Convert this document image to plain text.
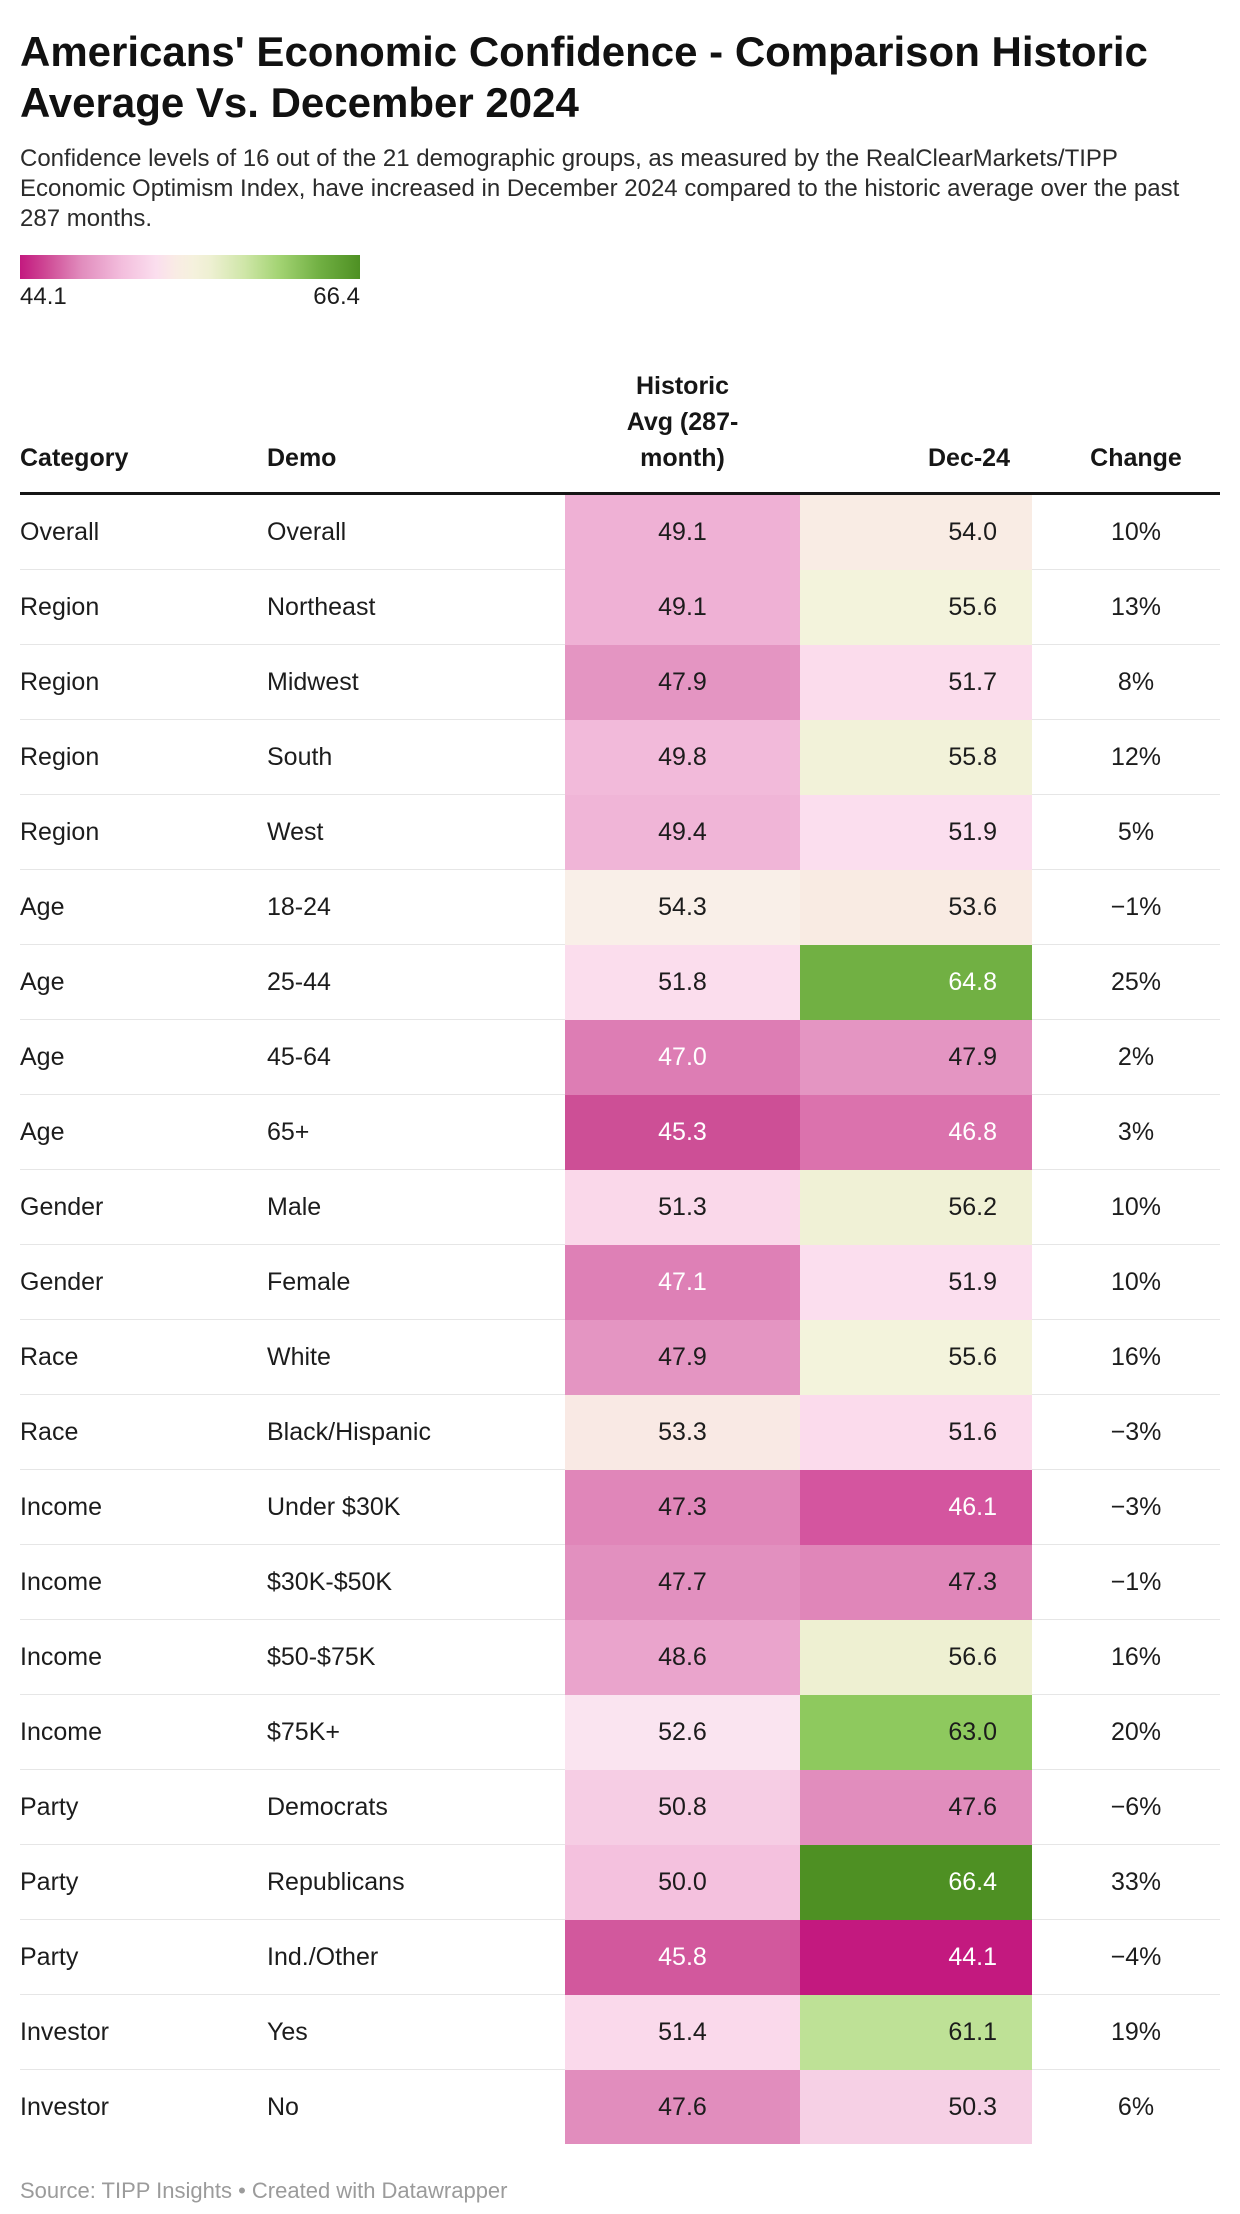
Americans' Economic Confidence - Comparison Historic Average Vs. December 2024

Confidence levels of 16 out of the 21 demographic groups, as measured by the RealClearMarkets/TIPP Economic Optimism Index, have increased in December 2024 compared to the historic average over the past 287 months.

44.1	66.4
Category	Demo	Historic Avg (287-month)	Dec-24	Change
Overall	Overall	49.1	54.0	10%
Region	Northeast	49.1	55.6	13%
Region	Midwest	47.9	51.7	8%
Region	South	49.8	55.8	12%
Region	West	49.4	51.9	5%
Age	18-24	54.3	53.6	−1%
Age	25-44	51.8	64.8	25%
Age	45-64	47.0	47.9	2%
Age	65+	45.3	46.8	3%
Gender	Male	51.3	56.2	10%
Gender	Female	47.1	51.9	10%
Race	White	47.9	55.6	16%
Race	Black/Hispanic	53.3	51.6	−3%
Income	Under $30K	47.3	46.1	−3%
Income	$30K-$50K	47.7	47.3	−1%
Income	$50-$75K	48.6	56.6	16%
Income	$75K+	52.6	63.0	20%
Party	Democrats	50.8	47.6	−6%
Party	Republicans	50.0	66.4	33%
Party	Ind./Other	45.8	44.1	−4%
Investor	Yes	51.4	61.1	19%
Investor	No	47.6	50.3	6%
Source: TIPP Insights • Created with Datawrapper
